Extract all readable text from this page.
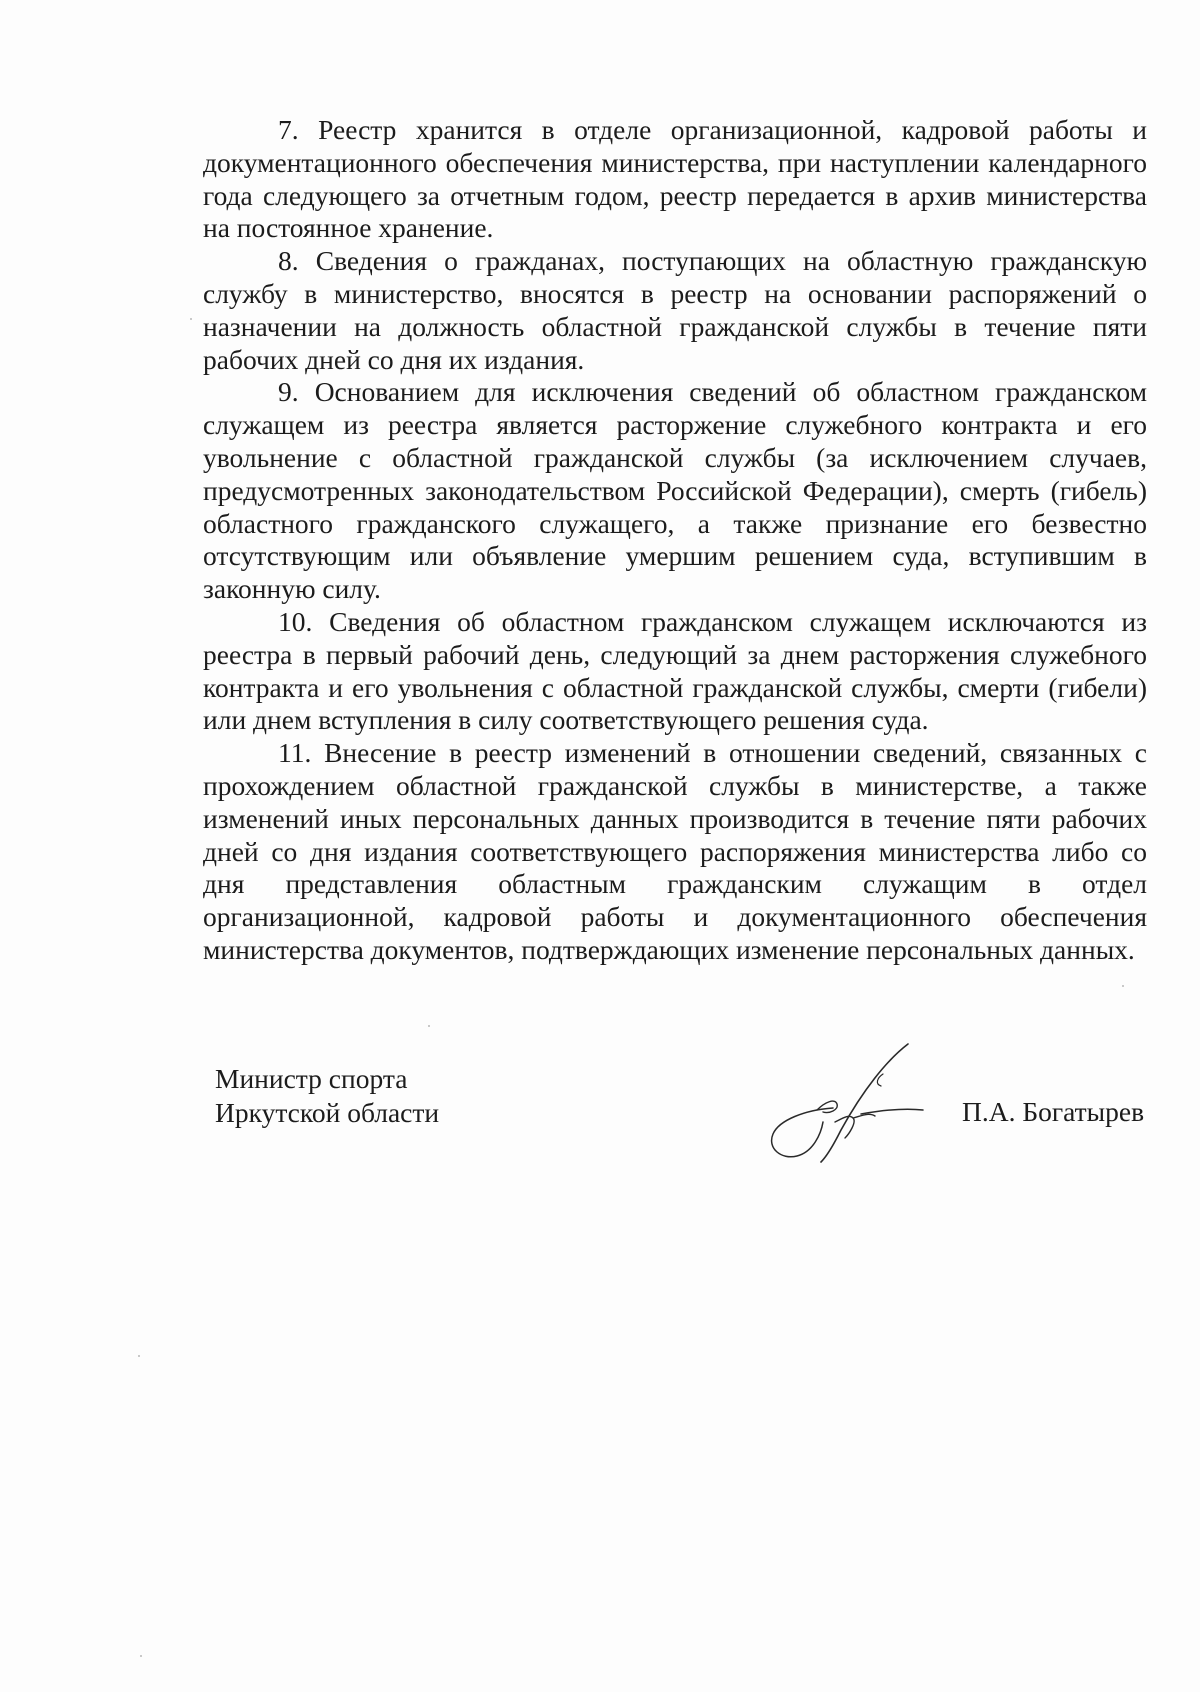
7. Реестр хранится в отделе организационной, кадровой работы и документационного обеспечения министерства, при наступлении календарного года следующего за отчетным годом, реестр передается в архив министерства на постоянное хранение.

8. Сведения о гражданах, поступающих на областную гражданскую службу в министерство, вносятся в реестр на основании распоряжений о назначении на должность областной гражданской службы в течение пяти рабочих дней со дня их издания.

9. Основанием для исключения сведений об областном гражданском служащем из реестра является расторжение служебного контракта и его увольнение с областной гражданской службы (за исключением случаев, предусмотренных законодательством Российской Федерации), смерть (гибель) областного гражданского служащего, а также признание его безвестно отсутствующим или объявление умершим решением суда, вступившим в законную силу.

10. Сведения об областном гражданском служащем исключаются из реестра в первый рабочий день, следующий за днем расторжения служебного контракта и его увольнения с областной гражданской службы, смерти (гибели) или днем вступления в силу соответствующего решения суда.

11. Внесение в реестр изменений в отношении сведений, связанных с прохождением областной гражданской службы в министерстве, а также изменений иных персональных данных производится в течение пяти рабочих дней со дня издания соответствующего распоряжения министерства либо со дня представления областным гражданским служащим в отдел организационной, кадровой работы и документационного обеспечения министерства документов, подтверждающих изменение персональных данных.

Министр спорта
Иркутской области	П.А. Богатырев
